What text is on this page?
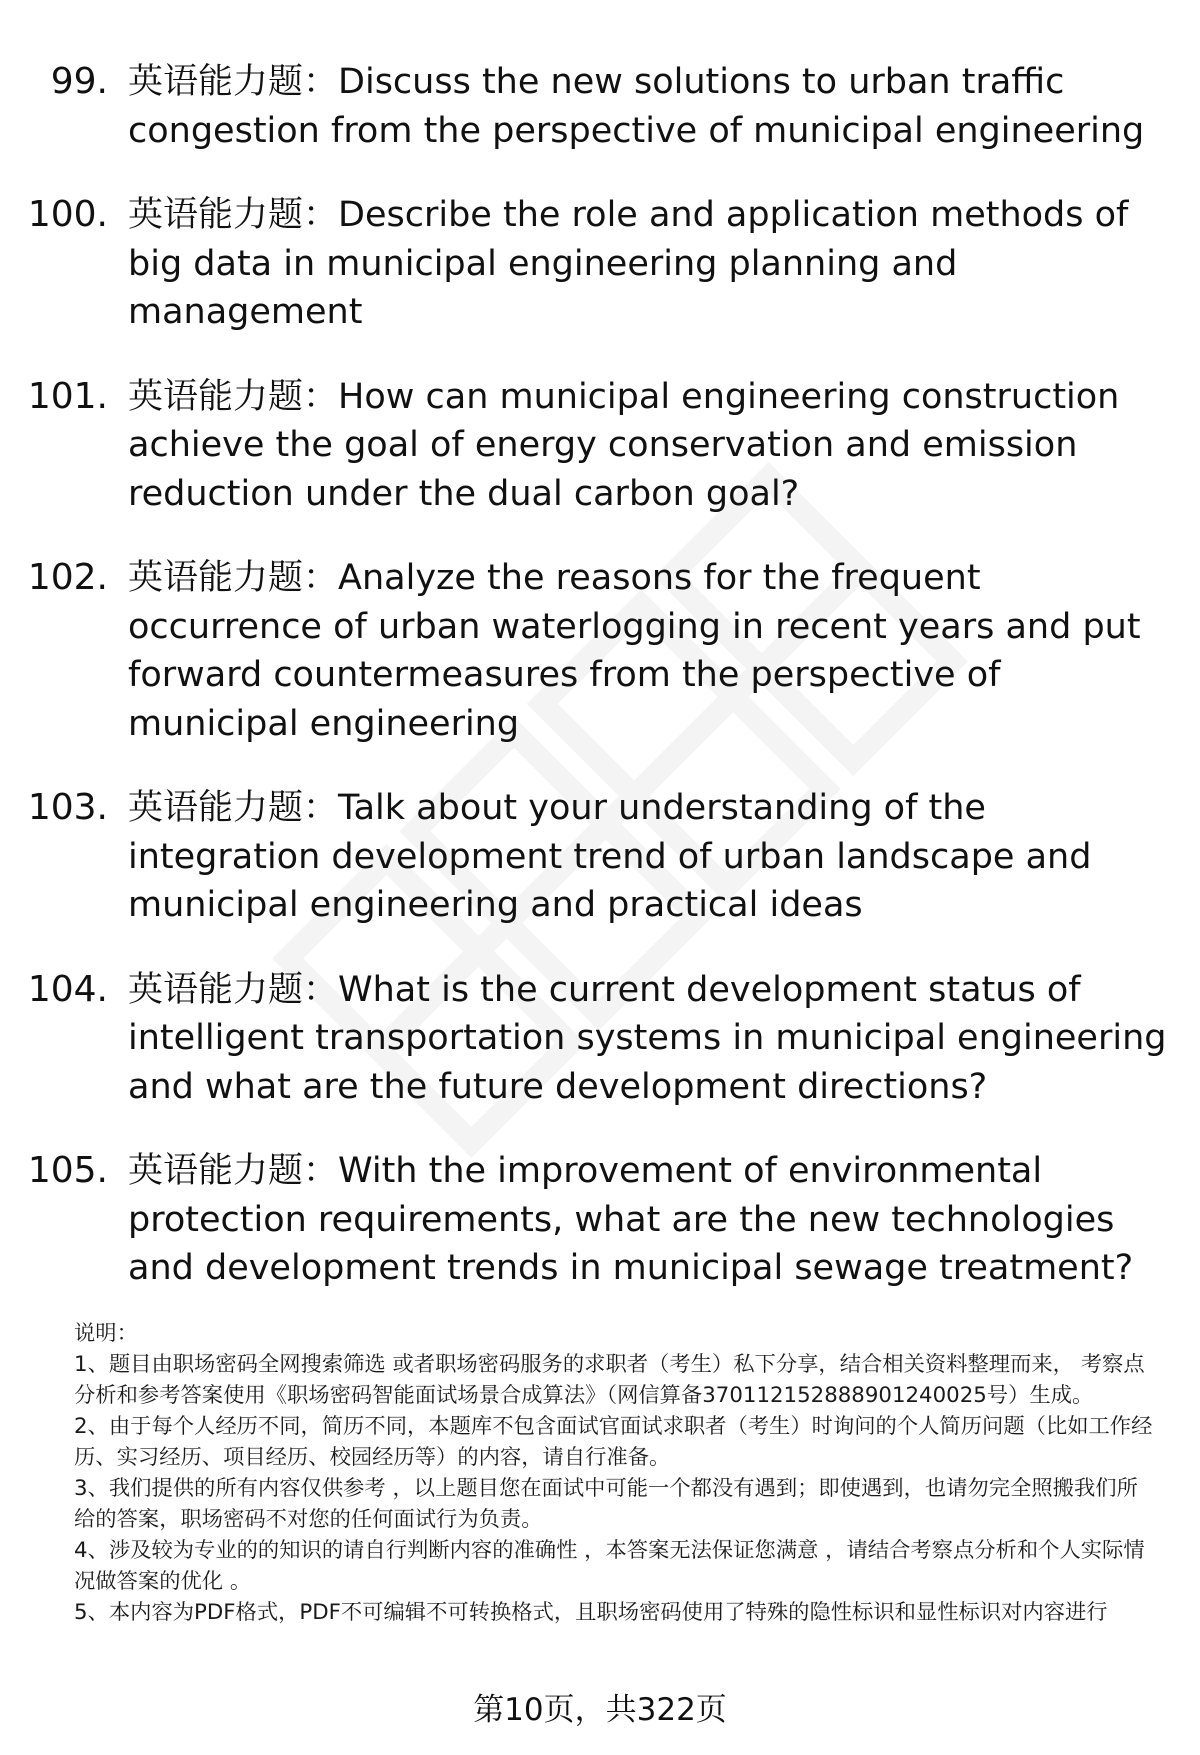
99. 英语能力题：Discuss the new solutions to urban traffic congestion from the perspective of municipal engineering
100. 英语能力题：Describe the role and application methods of big data in municipal engineering planning and management
101. 英语能力题：How can municipal engineering construction achieve the goal of energy conservation and emission reduction under the dual carbon goal?
102. 英语能力题：Analyze the reasons for the frequent occurrence of urban waterlogging in recent years and put forward countermeasures from the perspective of municipal engineering
103. 英语能力题：Talk about your understanding of the integration development trend of urban landscape and municipal engineering and practical ideas
104. 英语能力题：What is the current development status of intelligent transportation systems in municipal engineering and what are the future development directions?
105. 英语能力题：With the improvement of environmental protection requirements, what are the new technologies and development trends in municipal sewage treatment?

说明：

1、题目由职场密码全网搜索筛选 或者职场密码服务的求职者（考生）私下分享，结合相关资料整理而来， 考察点分析和参考答案使用《职场密码智能面试场景合成算法》（网信算备370112152888901240025号）生成。

2、由于每个人经历不同，简历不同，本题库不包含面试官面试求职者（考生）时询问的个人简历问题（比如工作经历、实习经历、项目经历、校园经历等）的内容，请自行准备。

3、我们提供的所有内容仅供参考 ，以上题目您在面试中可能一个都没有遇到；即使遇到，也请勿完全照搬我们所给的答案，职场密码不对您的任何面试行为负责。

4、涉及较为专业的的知识的请自行判断内容的准确性 ，本答案无法保证您满意 ，请结合考察点分析和个人实际情况做答案的优化 。

5、本内容为PDF格式，PDF不可编辑不可转换格式，且职场密码使用了特殊的隐性标识和显性标识对内容进行

第10页，共322页
